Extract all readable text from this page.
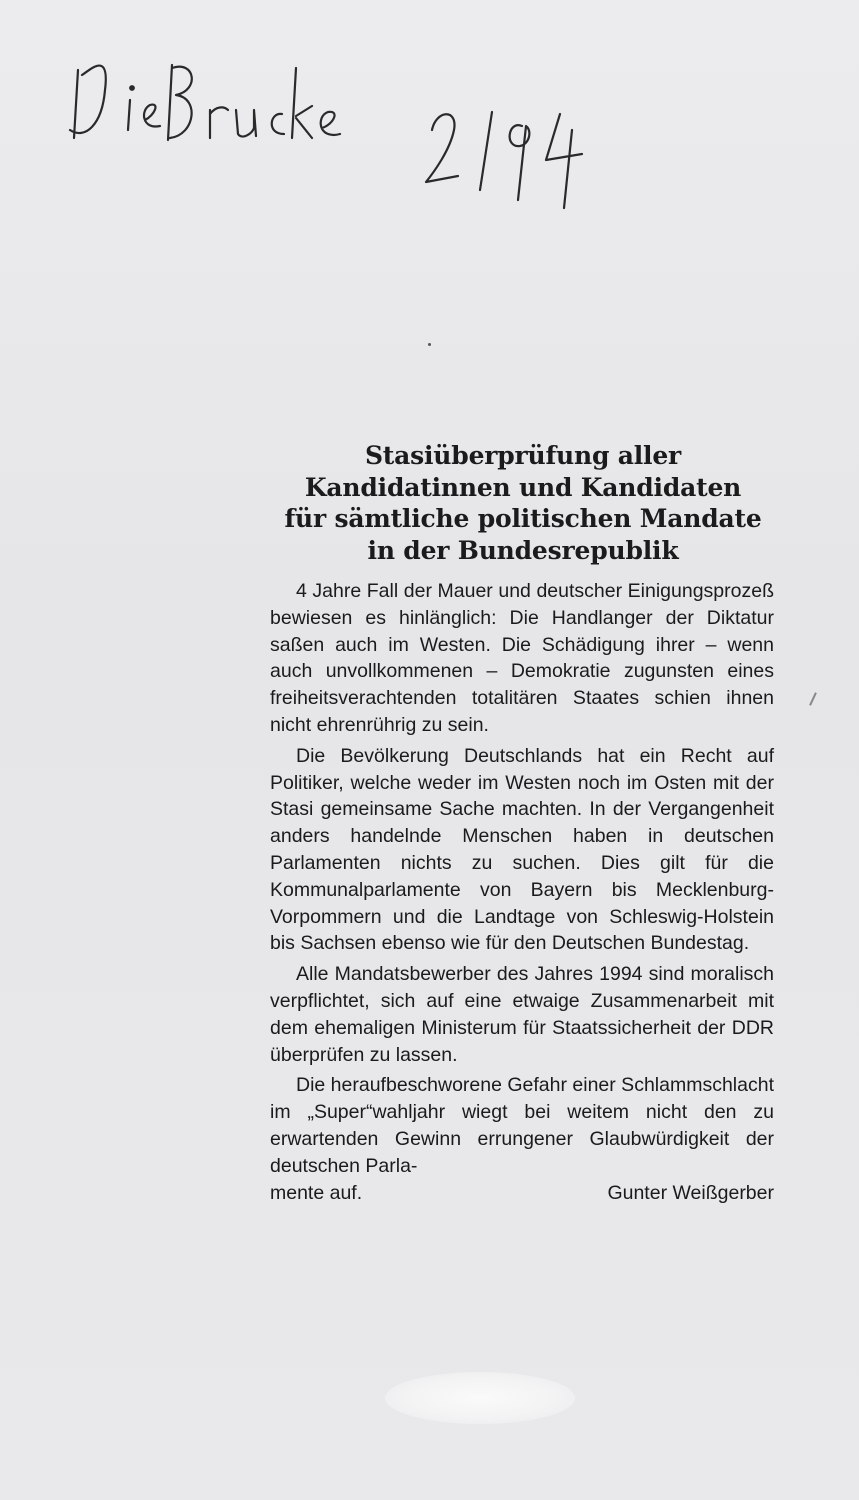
Die Brücke 2/94
Stasiüberprüfung aller
Kandidatinnen und Kandidaten
für sämtliche politischen Mandate
in der Bundesrepublik

4 Jahre Fall der Mauer und deutscher Einigungsprozeß bewiesen es hinlänglich: Die Handlanger der Diktatur saßen auch im Westen. Die Schädigung ihrer – wenn auch unvollkommenen – Demokratie zugunsten eines freiheitsverachtenden totalitären Staates schien ihnen nicht ehrenrührig zu sein.

Die Bevölkerung Deutschlands hat ein Recht auf Politiker, welche weder im Westen noch im Osten mit der Stasi gemeinsame Sache machten. In der Vergangenheit anders handelnde Menschen haben in deutschen Parlamenten nichts zu suchen. Dies gilt für die Kommunalparlamente von Bayern bis Mecklenburg-Vorpommern und die Landtage von Schleswig-Holstein bis Sachsen ebenso wie für den Deutschen Bundestag.

Alle Mandatsbewerber des Jahres 1994 sind moralisch verpflichtet, sich auf eine etwaige Zusammenarbeit mit dem ehemaligen Ministerum für Staatssicherheit der DDR überprüfen zu lassen.

Die heraufbeschworene Gefahr einer Schlammschlacht im „Super“wahljahr wiegt bei weitem nicht den zu erwartenden Gewinn errungener Glaubwürdigkeit der deutschen Parla-

mente auf.	Gunter Weißgerber
